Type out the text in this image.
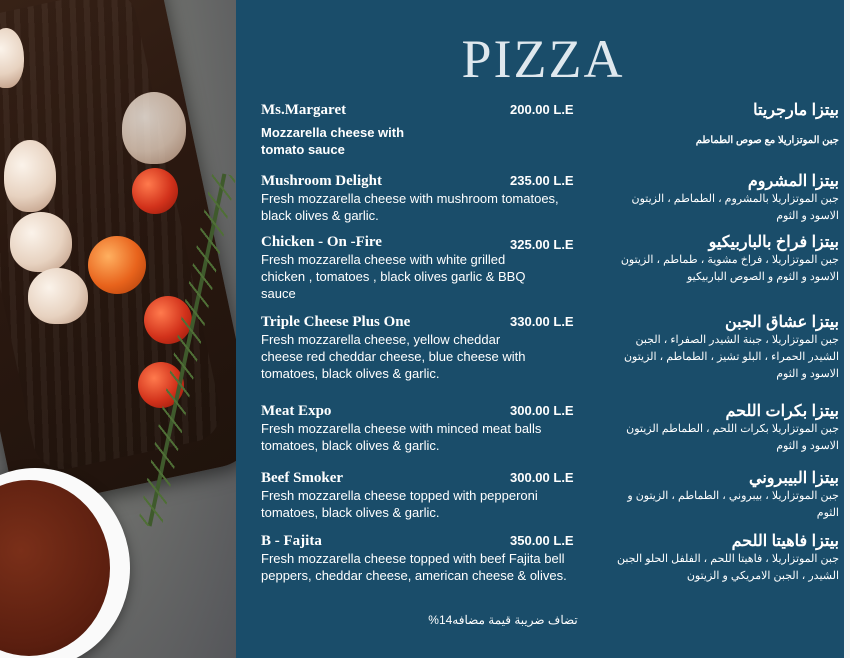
PIZZA
Ms.Margaret	200.00 L.E
Mozzarella cheese with tomato sauce
بيتزا مارجريتا
جبن الموتزاريلا مع صوص الطماطم
Mushroom Delight	235.00 L.E
Fresh mozzarella cheese with mushroom tomatoes, black olives & garlic.
بيتزا المشروم
جبن الموتزاريلا بالمشروم ، الطماطم ، الزيتون الاسود و الثوم
Chicken - On -Fire	325.00 L.E
Fresh mozzarella cheese with white grilled chicken , tomatoes , black olives garlic & BBQ sauce
بيتزا فراخ بالباربيكيو
جبن الموتزاريلا ، فراخ مشوية ، طماطم ، الزيتون الاسود و الثوم و الصوص الباربيكيو
Triple Cheese Plus One	330.00 L.E
Fresh mozzarella cheese, yellow cheddar cheese red cheddar cheese, blue cheese with tomatoes, black olives & garlic.
بيتزا عشاق الجبن
جبن الموتزاريلا ، جبنة الشيدر الصفراء ، الجبن الشيدر الحمراء ، البلو تشيز ، الطماطم ، الزيتون الاسود و الثوم
Meat Expo	300.00 L.E
Fresh mozzarella cheese with minced meat balls tomatoes, black olives & garlic.
بيتزا بكرات اللحم
جبن الموتزاريلا بكرات اللحم ، الطماطم الزيتون الاسود و الثوم
Beef Smoker	300.00 L.E
Fresh mozzarella cheese topped with pepperoni tomatoes, black olives & garlic.
بيتزا البيبروني
جبن الموتزاريلا ، بيبروني ، الطماطم ، الزيتون و الثوم
B - Fajita	350.00 L.E
Fresh mozzarella cheese topped with beef Fajita bell peppers, cheddar cheese, american cheese & olives.
بيتزا فاهيتا اللحم
جبن الموتزاريلا ، فاهيتا اللحم ، الفلفل الحلو الجبن الشيدر ، الجبن الامريكي و الزيتون
تضاف ضريبة قيمة مضافه14%
